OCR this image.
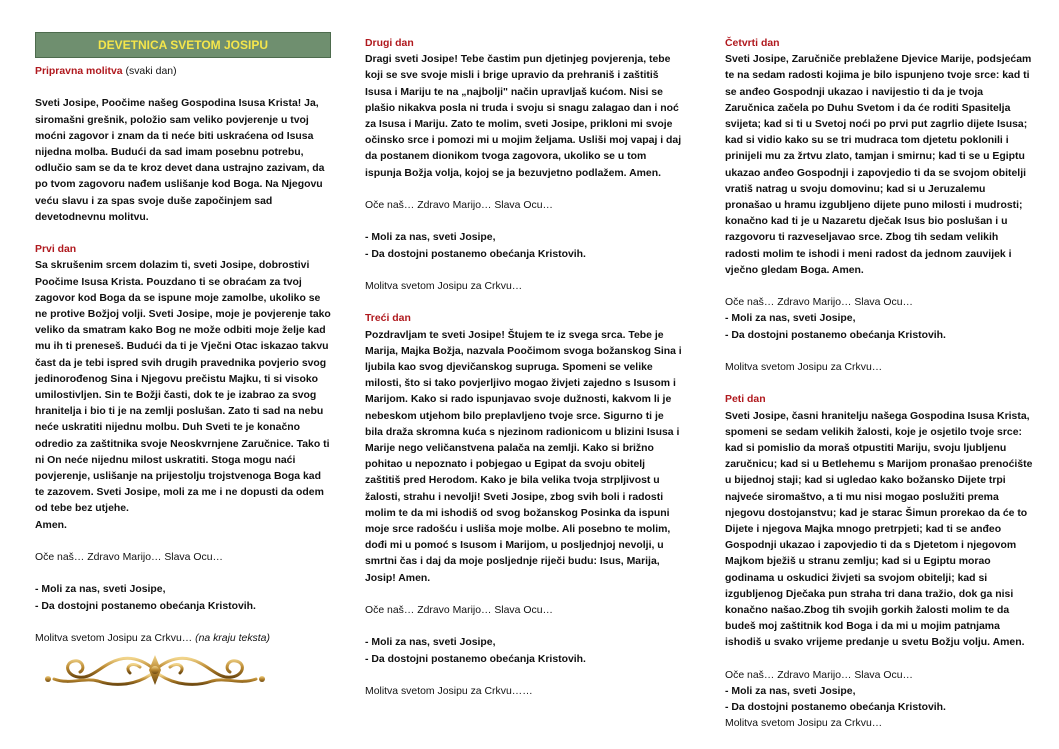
DEVETNICA SVETOM JOSIPU

Pripravna molitva (svaki dan)

Sveti Josipe, Poočime našeg Gospodina Isusa Krista! Ja, siromašni grešnik, položio sam veliko povjerenje u tvoj moćni zagovor i znam da ti neće biti uskraćena od Isusa nijedna molba. Budući da sad imam posebnu potrebu, odlučio sam se da te kroz devet dana ustrajno zazivam, da po tvom zagovoru nađem uslišanje kod Boga. Na Njegovu veću slavu i za spas svoje duše započinjem sad devetodnevnu molitvu.

Prvi dan

Sa skrušenim srcem dolazim ti, sveti Josipe, dobrostivi Poočime Isusa Krista. Pouzdano ti se obraćam za tvoj zagovor kod Boga da se ispune moje zamolbe, ukoliko se ne protive Božjoj volji. Sveti Josipe, moje je povjerenje tako veliko da smatram kako Bog ne može odbiti moje želje kad mu ih ti preneseš. Budući da ti je Vječni Otac iskazao takvu čast da je tebi ispred svih drugih pravednika povjerio svog jedinorođenog Sina i Njegovu prečistu Majku, ti si visoko umilostivljen. Sin te Božji časti, dok te je izabrao za svog hranitelja i bio ti je na zemlji poslušan. Zato ti sad na nebu neće uskratiti nijednu molbu. Duh Sveti te je konačno odredio za zaštitnika svoje Neoskvrnjene Zaručnice. Tako ti ni On neće nijednu milost uskratiti. Stoga mogu naći povjerenje, uslišanje na prijestolju trojstvenoga Boga kad te zazovem. Sveti Josipe, moli za me i ne dopusti da odem od tebe bez utjehe.

Amen.

Oče naš… Zdravo Marijo… Slava Ocu…

- Moli za nas, sveti Josipe,

- Da dostojni postanemo obećanja Kristovih.

Molitva svetom Josipu za Crkvu… (na kraju teksta)

Drugi dan

Dragi sveti Josipe! Tebe častim pun djetinjeg povjerenja, tebe koji se sve svoje misli i brige upravio da prehraniš i zaštitiš Isusa i Mariju te na „najbolji" način upravljaš kućom. Nisi se plašio nikakva posla ni truda i svoju si snagu zalagao dan i noć za Isusa i Mariju. Zato te molim, sveti Josipe, prikloni mi svoje očinsko srce i pomozi mi u mojim željama. Usliši moj vapaj i daj da postanem dionikom tvoga zagovora, ukoliko se u tom ispunja Božja volja, kojoj se ja bezuvjetno podlažem. Amen.

Oče naš… Zdravo Marijo… Slava Ocu…

- Moli za nas, sveti Josipe,

- Da dostojni postanemo obećanja Kristovih.

Molitva svetom Josipu za Crkvu…

Treći dan

Pozdravljam te sveti Josipe! Štujem te iz svega srca. Tebe je Marija, Majka Božja, nazvala Poočimom svoga božanskog Sina i ljubila kao svog djevičanskog supruga. Spomeni se velike milosti, što si tako povjerljivo mogao živjeti zajedno s Isusom i Marijom. Kako si rado ispunjavao svoje dužnosti, kakvom li je nebeskom utjehom bilo preplavljeno tvoje srce. Sigurno ti je bila draža skromna kuća s njezinom radionicom u blizini Isusa i Marije nego veličanstvena palača na zemlji. Kako si brižno pohitao u nepoznato i pobjegao u Egipat da svoju obitelj zaštitiš pred Herodom. Kako je bila velika tvoja strpljivost u žalosti, strahu i nevolji! Sveti Josipe, zbog svih boli i radosti molim te da mi ishodiš od svog božanskog Posinka da ispuni moje srce radošću i usliša moje molbe. Ali posebno te molim, dođi mi u pomoć s Isusom i Marijom, u posljednjoj nevolji, u smrtni čas i daj da moje posljednje riječi budu: Isus, Marija, Josip! Amen.

Oče naš… Zdravo Marijo… Slava Ocu…

- Moli za nas, sveti Josipe,

- Da dostojni postanemo obećanja Kristovih.

Molitva svetom Josipu za Crkvu……

Četvrti dan

Sveti Josipe, Zaručniče preblažene Djevice Marije, podsjećam te na sedam radosti kojima je bilo ispunjeno tvoje srce: kad ti se anđeo Gospodnji ukazao i navijestio ti da je tvoja Zaručnica začela po Duhu Svetom i da će roditi Spasitelja svijeta; kad si ti u Svetoj noći po prvi put zagrlio dijete Isusa; kad si vidio kako su se tri mudraca tom djetetu poklonili i prinijeli mu za žrtvu zlato, tamjan i smirnu; kad ti se u Egiptu ukazao anđeo Gospodnji i zapovjedio ti da se svojom obitelji vratiš natrag u svoju domovinu; kad si u Jeruzalemu pronašao u hramu izgubljeno dijete puno milosti i mudrosti; konačno kad ti je u Nazaretu dječak Isus bio poslušan i u razgovoru ti razveseljavao srce. Zbog tih sedam velikih radosti molim te ishodi i meni radost da jednom zauvijek i vječno gledam Boga. Amen.

Oče naš… Zdravo Marijo… Slava Ocu…

- Moli za nas, sveti Josipe,

- Da dostojni postanemo obećanja Kristovih.

Molitva svetom Josipu za Crkvu…

Peti dan

Sveti Josipe, časni hranitelju našega Gospodina Isusa Krista, spomeni se sedam velikih žalosti, koje je osjetilo tvoje srce: kad si pomislio da moraš otpustiti Mariju, svoju ljubljenu zaručnicu; kad si u Betlehemu s Marijom pronašao prenoćište u bijednoj staji; kad si ugledao kako božansko Dijete trpi najveće siromaštvo, a ti mu nisi mogao poslužiti prema njegovu dostojanstvu; kad je starac Šimun prorekao da će to Dijete i njegova Majka mnogo pretrpjeti; kad ti se anđeo Gospodnji ukazao i zapovjedio ti da s Djetetom i njegovom Majkom bježiš u stranu zemlju; kad si u Egiptu morao godinama u oskudici živjeti sa svojom obitelji; kad si izgubljenog Dječaka pun straha tri dana tražio, dok ga nisi konačno našao.Zbog tih svojih gorkih žalosti molim te da budeš moj zaštitnik kod Boga i da mi u mojim patnjama ishodiš u svako vrijeme predanje u svetu Božju volju. Amen.

Oče naš… Zdravo Marijo… Slava Ocu…

- Moli za nas, sveti Josipe,

- Da dostojni postanemo obećanja Kristovih.

Molitva svetom Josipu za Crkvu…
